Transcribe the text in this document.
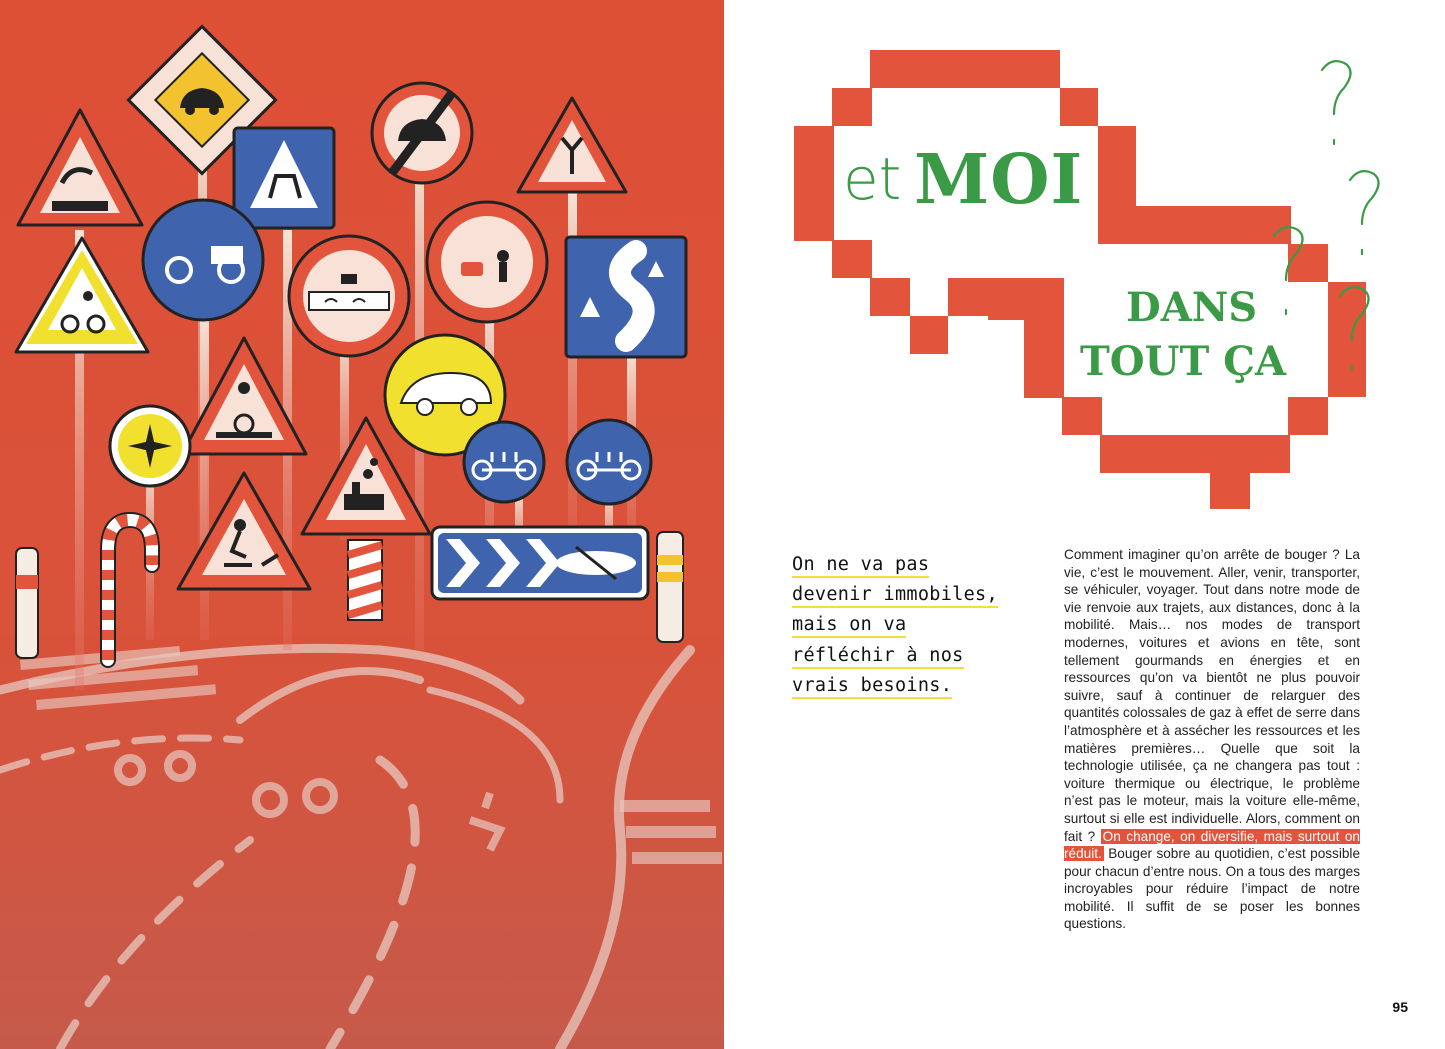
et MOI
DANS
TOUT ÇA
On ne va pas
devenir immobiles,
mais on va
réfléchir à nos
vrais besoins.
Comment imaginer qu’on arrête de bouger ? La vie, c’est le mouvement. Aller, venir, transporter, se véhiculer, voyager. Tout dans notre mode de vie renvoie aux trajets, aux distances, donc à la mobilité. Mais… nos modes de transport modernes, voitures et avions en tête, sont tellement gourmands en énergies et en ressources qu’on va bientôt ne plus pouvoir suivre, sauf à continuer de relarguer des quantités colossales de gaz à effet de serre dans l’atmosphère et à assécher les ressources et les matières premières… Quelle que soit la technologie utilisée, ça ne changera pas tout : voiture thermique ou électrique, le problème n’est pas le moteur, mais la voiture elle-même, surtout si elle est individuelle. Alors, comment on fait ? On change, on diversifie, mais surtout on réduit. Bouger sobre au quotidien, c’est possible pour chacun d’entre nous. On a tous des marges incroyables pour réduire l’impact de notre mobilité. Il suffit de se poser les bonnes questions.
95
